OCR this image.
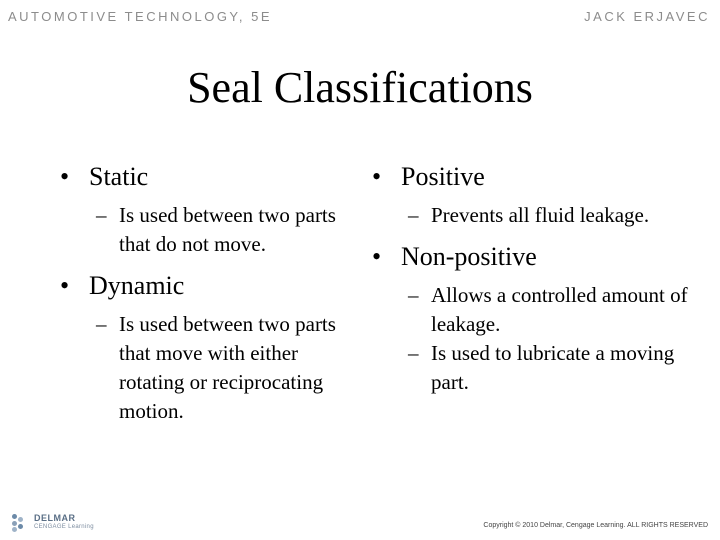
AUTOMOTIVE TECHNOLOGY, 5E	JACK ERJAVEC
Seal Classifications

• Static

– Is used between two parts that do not move.

• Dynamic

– Is used between two parts that move with either rotating or reciprocating motion.

• Positive

– Prevents all fluid leakage.

• Non-positive

– Allows a controlled amount of leakage.

– Is used to lubricate a moving part.

DELMAR
CENGAGE Learning	Copyright © 2010 Delmar, Cengage Learning. ALL RIGHTS RESERVED
